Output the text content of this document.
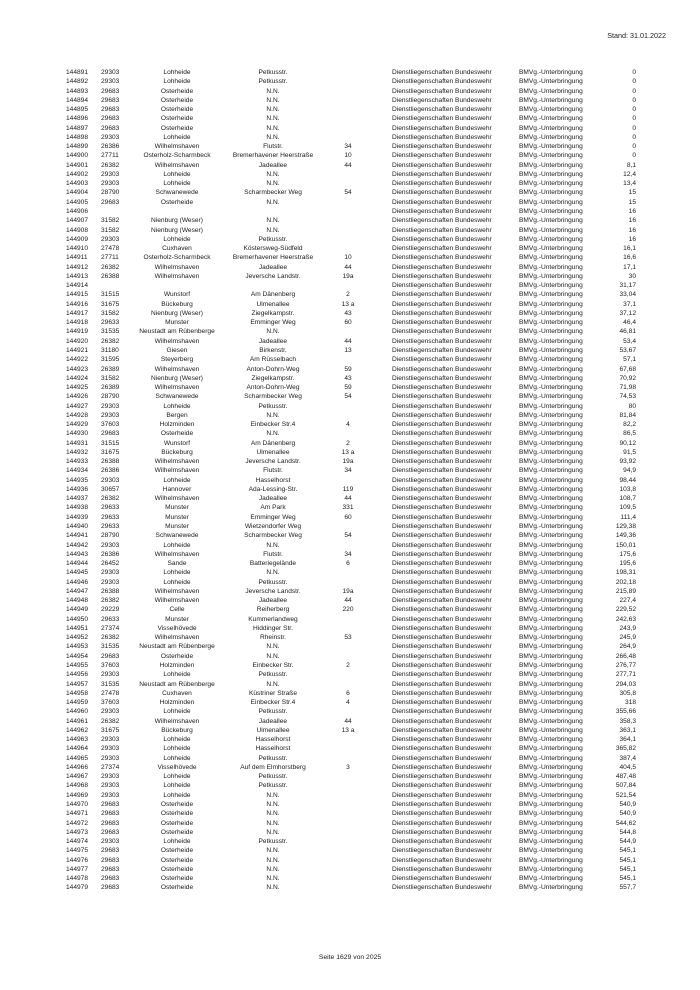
Stand: 31.01.2022
144891	29303	Lohheide	Petkusstr.			Dienstliegenschaften Bundeswehr	BMVg.-Unterbringung	0
144892	29303	Lohheide	Petkusstr.			Dienstliegenschaften Bundeswehr	BMVg.-Unterbringung	0
144893	29683	Osterheide	N.N.			Dienstliegenschaften Bundeswehr	BMVg.-Unterbringung	0
144894	29683	Osterheide	N.N.			Dienstliegenschaften Bundeswehr	BMVg.-Unterbringung	0
144895	29683	Osterheide	N.N.			Dienstliegenschaften Bundeswehr	BMVg.-Unterbringung	0
144896	29683	Osterheide	N.N.			Dienstliegenschaften Bundeswehr	BMVg.-Unterbringung	0
144897	29683	Osterheide	N.N.			Dienstliegenschaften Bundeswehr	BMVg.-Unterbringung	0
144898	29303	Lohheide	N.N.			Dienstliegenschaften Bundeswehr	BMVg.-Unterbringung	0
144899	26386	Wilhelmshaven	Flutstr.	34		Dienstliegenschaften Bundeswehr	BMVg.-Unterbringung	0
144900	27711	Osterholz-Scharmbeck	Bremerhavener Heerstraße	10		Dienstliegenschaften Bundeswehr	BMVg.-Unterbringung	0
144901	26382	Wilhelmshaven	Jadeallee	44		Dienstliegenschaften Bundeswehr	BMVg.-Unterbringung	8,1
144902	29303	Lohheide	N.N.			Dienstliegenschaften Bundeswehr	BMVg.-Unterbringung	12,4
144903	29303	Lohheide	N.N.			Dienstliegenschaften Bundeswehr	BMVg.-Unterbringung	13,4
144904	28790	Schwanewede	Scharmbecker Weg	54		Dienstliegenschaften Bundeswehr	BMVg.-Unterbringung	15
144905	29683	Osterheide	N.N.			Dienstliegenschaften Bundeswehr	BMVg.-Unterbringung	15
144906						Dienstliegenschaften Bundeswehr	BMVg.-Unterbringung	16
144907	31582	Nienburg (Weser)	N.N.			Dienstliegenschaften Bundeswehr	BMVg.-Unterbringung	16
144908	31582	Nienburg (Weser)	N.N.			Dienstliegenschaften Bundeswehr	BMVg.-Unterbringung	16
144909	29303	Lohheide	Petkusstr.			Dienstliegenschaften Bundeswehr	BMVg.-Unterbringung	16
144910	27478	Cuxhaven	Köstersweg-Südfeld			Dienstliegenschaften Bundeswehr	BMVg.-Unterbringung	16,1
144911	27711	Osterholz-Scharmbeck	Bremerhavener Heerstraße	10		Dienstliegenschaften Bundeswehr	BMVg.-Unterbringung	16,6
144912	26382	Wilhelmshaven	Jadeallee	44		Dienstliegenschaften Bundeswehr	BMVg.-Unterbringung	17,1
144913	26388	Wilhelmshaven	Jeversche Landstr.	19a		Dienstliegenschaften Bundeswehr	BMVg.-Unterbringung	30
144914						Dienstliegenschaften Bundeswehr	BMVg.-Unterbringung	31,17
144915	31515	Wunstorf	Am Dänenberg	2		Dienstliegenschaften Bundeswehr	BMVg.-Unterbringung	33,04
144916	31675	Bückeburg	Ulmenallee	13 a		Dienstliegenschaften Bundeswehr	BMVg.-Unterbringung	37,1
144917	31582	Nienburg (Weser)	Ziegelkampstr.	43		Dienstliegenschaften Bundeswehr	BMVg.-Unterbringung	37,12
144918	29633	Munster	Emminger Weg	60		Dienstliegenschaften Bundeswehr	BMVg.-Unterbringung	46,4
144919	31535	Neustadt am Rübenberge	N.N.			Dienstliegenschaften Bundeswehr	BMVg.-Unterbringung	46,81
144920	26382	Wilhelmshaven	Jadeallee	44		Dienstliegenschaften Bundeswehr	BMVg.-Unterbringung	53,4
144921	31180	Giesen	Birkenstr.	13		Dienstliegenschaften Bundeswehr	BMVg.-Unterbringung	53,67
144922	31595	Steyerberg	Am Rüsselbach			Dienstliegenschaften Bundeswehr	BMVg.-Unterbringung	57,1
144923	26389	Wilhelmshaven	Anton-Dohrn-Weg	59		Dienstliegenschaften Bundeswehr	BMVg.-Unterbringung	67,68
144924	31582	Nienburg (Weser)	Ziegelkampstr.	43		Dienstliegenschaften Bundeswehr	BMVg.-Unterbringung	70,92
144925	26389	Wilhelmshaven	Anton-Dohrn-Weg	59		Dienstliegenschaften Bundeswehr	BMVg.-Unterbringung	71,98
144926	28790	Schwanewede	Scharmbecker Weg	54		Dienstliegenschaften Bundeswehr	BMVg.-Unterbringung	74,53
144927	29303	Lohheide	Petkusstr.			Dienstliegenschaften Bundeswehr	BMVg.-Unterbringung	80
144928	29303	Bergen	N.N.			Dienstliegenschaften Bundeswehr	BMVg.-Unterbringung	81,84
144929	37603	Holzminden	Einbecker Str.4	4		Dienstliegenschaften Bundeswehr	BMVg.-Unterbringung	82,2
144930	29683	Osterheide	N.N.			Dienstliegenschaften Bundeswehr	BMVg.-Unterbringung	86,5
144931	31515	Wunstorf	Am Dänenberg	2		Dienstliegenschaften Bundeswehr	BMVg.-Unterbringung	90,12
144932	31675	Bückeburg	Ulmenallee	13 a		Dienstliegenschaften Bundeswehr	BMVg.-Unterbringung	91,5
144933	26388	Wilhelmshaven	Jeversche Landstr.	19a		Dienstliegenschaften Bundeswehr	BMVg.-Unterbringung	93,92
144934	26386	Wilhelmshaven	Flutstr.	34		Dienstliegenschaften Bundeswehr	BMVg.-Unterbringung	94,9
144935	29303	Lohheide	Hasselhorst			Dienstliegenschaften Bundeswehr	BMVg.-Unterbringung	98,44
144936	30657	Hannover	Ada-Lessing-Str.	119		Dienstliegenschaften Bundeswehr	BMVg.-Unterbringung	103,8
144937	26382	Wilhelmshaven	Jadeallee	44		Dienstliegenschaften Bundeswehr	BMVg.-Unterbringung	108,7
144938	29633	Munster	Am Park	331		Dienstliegenschaften Bundeswehr	BMVg.-Unterbringung	109,5
144939	29633	Munster	Emminger Weg	60		Dienstliegenschaften Bundeswehr	BMVg.-Unterbringung	111,4
144940	29633	Munster	Wietzendorfer Weg			Dienstliegenschaften Bundeswehr	BMVg.-Unterbringung	129,38
144941	28790	Schwanewede	Scharmbecker Weg	54		Dienstliegenschaften Bundeswehr	BMVg.-Unterbringung	149,36
144942	29303	Lohheide	N.N.			Dienstliegenschaften Bundeswehr	BMVg.-Unterbringung	150,01
144943	26386	Wilhelmshaven	Flutstr.	34		Dienstliegenschaften Bundeswehr	BMVg.-Unterbringung	175,6
144944	26452	Sande	Batteriegelände	6		Dienstliegenschaften Bundeswehr	BMVg.-Unterbringung	195,6
144945	29303	Lohheide	N.N.			Dienstliegenschaften Bundeswehr	BMVg.-Unterbringung	198,31
144946	29303	Lohheide	Petkusstr.			Dienstliegenschaften Bundeswehr	BMVg.-Unterbringung	202,18
144947	26388	Wilhelmshaven	Jeversche Landstr.	19a		Dienstliegenschaften Bundeswehr	BMVg.-Unterbringung	215,89
144948	26382	Wilhelmshaven	Jadeallee	44		Dienstliegenschaften Bundeswehr	BMVg.-Unterbringung	227,4
144949	29229	Celle	Reiherberg	220		Dienstliegenschaften Bundeswehr	BMVg.-Unterbringung	229,52
144950	29633	Munster	Kummerlandweg			Dienstliegenschaften Bundeswehr	BMVg.-Unterbringung	242,63
144951	27374	Visselhövede	Hiddinger Str.			Dienstliegenschaften Bundeswehr	BMVg.-Unterbringung	243,9
144952	26382	Wilhelmshaven	Rheinstr.	53		Dienstliegenschaften Bundeswehr	BMVg.-Unterbringung	245,9
144953	31535	Neustadt am Rübenberge	N.N.			Dienstliegenschaften Bundeswehr	BMVg.-Unterbringung	264,9
144954	29683	Osterheide	N.N.			Dienstliegenschaften Bundeswehr	BMVg.-Unterbringung	266,48
144955	37603	Holzminden	Einbecker Str.	2		Dienstliegenschaften Bundeswehr	BMVg.-Unterbringung	276,77
144956	29303	Lohheide	Petkusstr.			Dienstliegenschaften Bundeswehr	BMVg.-Unterbringung	277,71
144957	31535	Neustadt am Rübenberge	N.N.			Dienstliegenschaften Bundeswehr	BMVg.-Unterbringung	294,03
144958	27478	Cuxhaven	Küstriner Straße	6		Dienstliegenschaften Bundeswehr	BMVg.-Unterbringung	305,8
144959	37603	Holzminden	Einbecker Str.4	4		Dienstliegenschaften Bundeswehr	BMVg.-Unterbringung	318
144960	29303	Lohheide	Petkusstr.			Dienstliegenschaften Bundeswehr	BMVg.-Unterbringung	355,66
144961	26382	Wilhelmshaven	Jadeallee	44		Dienstliegenschaften Bundeswehr	BMVg.-Unterbringung	358,3
144962	31675	Bückeburg	Ulmenallee	13 a		Dienstliegenschaften Bundeswehr	BMVg.-Unterbringung	363,1
144963	29303	Lohheide	Hasselhorst			Dienstliegenschaften Bundeswehr	BMVg.-Unterbringung	364,1
144964	29303	Lohheide	Hasselhorst			Dienstliegenschaften Bundeswehr	BMVg.-Unterbringung	365,82
144965	29303	Lohheide	Petkusstr.			Dienstliegenschaften Bundeswehr	BMVg.-Unterbringung	387,4
144966	27374	Visselhövede	Auf dem Elmhorstberg	3		Dienstliegenschaften Bundeswehr	BMVg.-Unterbringung	404,5
144967	29303	Lohheide	Petkusstr.			Dienstliegenschaften Bundeswehr	BMVg.-Unterbringung	487,48
144968	29303	Lohheide	Petkusstr.			Dienstliegenschaften Bundeswehr	BMVg.-Unterbringung	507,84
144969	29303	Lohheide	N.N.			Dienstliegenschaften Bundeswehr	BMVg.-Unterbringung	521,54
144970	29683	Osterheide	N.N.			Dienstliegenschaften Bundeswehr	BMVg.-Unterbringung	540,9
144971	29683	Osterheide	N.N.			Dienstliegenschaften Bundeswehr	BMVg.-Unterbringung	540,9
144972	29683	Osterheide	N.N.			Dienstliegenschaften Bundeswehr	BMVg.-Unterbringung	544,62
144973	29683	Osterheide	N.N.			Dienstliegenschaften Bundeswehr	BMVg.-Unterbringung	544,8
144974	29303	Lohheide	Petkusstr.			Dienstliegenschaften Bundeswehr	BMVg.-Unterbringung	544,9
144975	29683	Osterheide	N.N.			Dienstliegenschaften Bundeswehr	BMVg.-Unterbringung	545,1
144976	29683	Osterheide	N.N.			Dienstliegenschaften Bundeswehr	BMVg.-Unterbringung	545,1
144977	29683	Osterheide	N.N.			Dienstliegenschaften Bundeswehr	BMVg.-Unterbringung	545,1
144978	29683	Osterheide	N.N.			Dienstliegenschaften Bundeswehr	BMVg.-Unterbringung	545,1
144979	29683	Osterheide	N.N.			Dienstliegenschaften Bundeswehr	BMVg.-Unterbringung	557,7
Seite 1629 von 2025
